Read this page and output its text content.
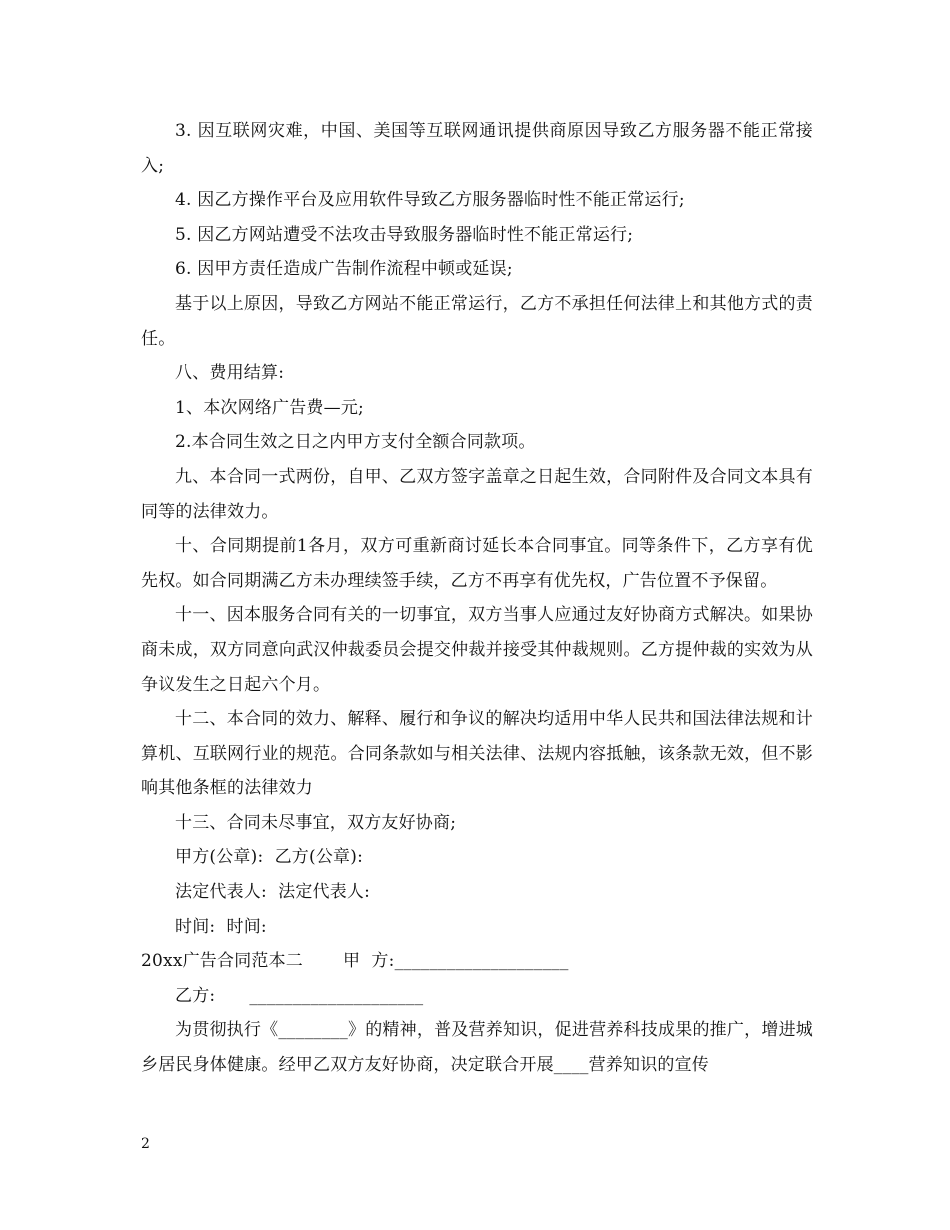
3. 因互联网灾难，中国、美国等互联网通讯提供商原因导致乙方服务器不能正常接入;

4. 因乙方操作平台及应用软件导致乙方服务器临时性不能正常运行;

5. 因乙方网站遭受不法攻击导致服务器临时性不能正常运行;

6. 因甲方责任造成广告制作流程中顿或延误;

基于以上原因，导致乙方网站不能正常运行，乙方不承担任何法律上和其他方式的责任。

八、费用结算:

1、本次网络广告费—元;

2.本合同生效之日之内甲方支付全额合同款项。

九、本合同一式两份，自甲、乙双方签字盖章之日起生效，合同附件及合同文本具有同等的法律效力。

十、合同期提前1各月，双方可重新商讨延长本合同事宜。同等条件下，乙方享有优先权。如合同期满乙方未办理续签手续，乙方不再享有优先权，广告位置不予保留。

十一、因本服务合同有关的一切事宜，双方当事人应通过友好协商方式解决。如果协商未成，双方同意向武汉仲裁委员会提交仲裁并接受其仲裁规则。乙方提仲裁的实效为从争议发生之日起六个月。

十二、本合同的效力、解释、履行和争议的解决均适用中华人民共和国法律法规和计算机、互联网行业的规范。合同条款如与相关法律、法规内容抵触，该条款无效，但不影响其他条框的法律效力

十三、合同未尽事宜，双方友好协商;

甲方(公章):  乙方(公章):

法定代表人:  法定代表人:

时间:  时间:

20xx广告合同范本二 甲  方:____________________

乙方: ____________________

为贯彻执行《________》的精神，普及营养知识，促进营养科技成果的推广，增进城乡居民身体健康。经甲乙双方友好协商，决定联合开展____营养知识的宣传

2
